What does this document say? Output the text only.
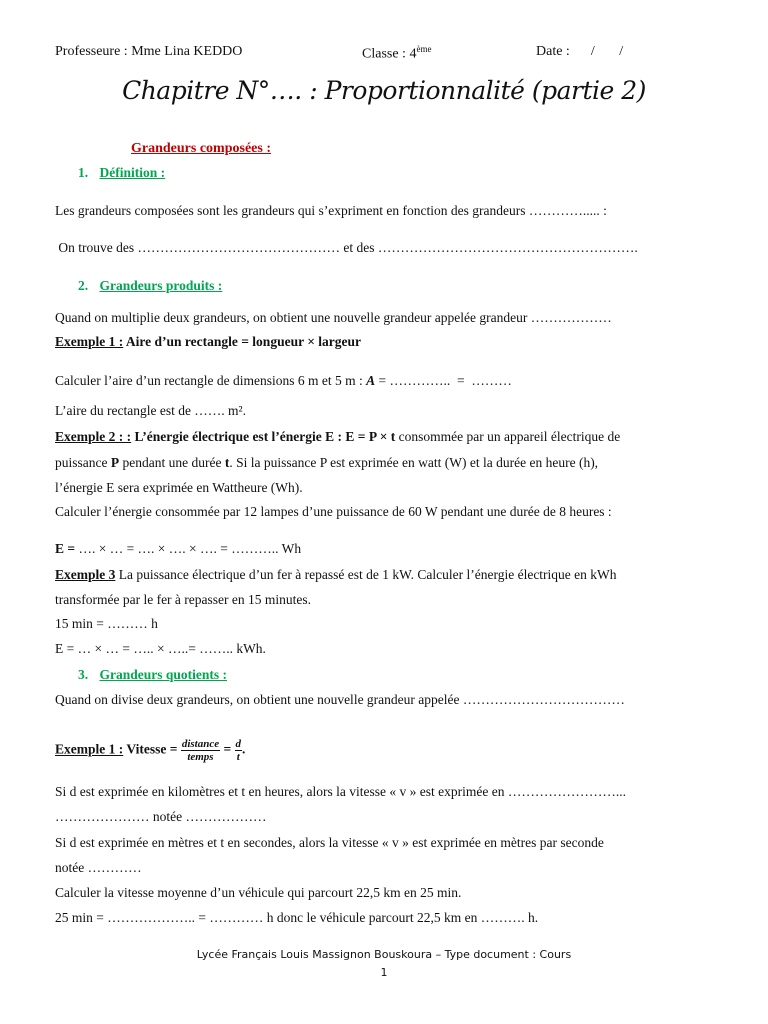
Professeure : Mme Lina KEDDO	Classe : 4ème	Date :      /       /
Chapitre N°…. : Proportionnalité (partie 2)
Grandeurs composées :
1. Définition :
Les grandeurs composées sont les grandeurs qui s’expriment en fonction des grandeurs …………..... :
On trouve des ……………………………………… et des ………………………………………………….
2. Grandeurs produits :
Quand on multiplie deux grandeurs, on obtient une nouvelle grandeur appelée grandeur ………………
Exemple 1 : Aire d’un rectangle = longueur × largeur
Calculer l’aire d’un rectangle de dimensions 6 m et 5 m : A = …………..  =  ………
L’aire du rectangle est de ……. m².
Exemple 2 : : L’énergie électrique est l’énergie E : E = P × t consommée par un appareil électrique de
puissance P pendant une durée t. Si la puissance P est exprimée en watt (W) et la durée en heure (h),
l’énergie E sera exprimée en Wattheure (Wh).
Calculer l’énergie consommée par 12 lampes d’une puissance de 60 W pendant une durée de 8 heures :
E = …. × … = …. × …. × …. = ……….. Wh
Exemple 3 La puissance électrique d’un fer à repassé est de 1 kW. Calculer l’énergie électrique en kWh
transformée par le fer à repasser en 15 minutes.
15 min = ……… h
E = … × … = ….. × …..= …….. kWh.
3. Grandeurs quotients :
Quand on divise deux grandeurs, on obtient une nouvelle grandeur appelée ………………………………
Exemple 1 : Vitesse = $\frac{\text{distance}}{\text{temps}} = \frac{d}{t}$ .
Si d est exprimée en kilomètres et t en heures, alors la vitesse « v » est exprimée en ……………………...
………………… notée ………………
Si d est exprimée en mètres et t en secondes, alors la vitesse « v » est exprimée en mètres par seconde
notée …………
Calculer la vitesse moyenne d’un véhicule qui parcourt 22,5 km en 25 min.
25 min = ……………….. = ………… h donc le véhicule parcourt 22,5 km en ………. h.
Lycée Français Louis Massignon Bouskoura – Type document : Cours
1
